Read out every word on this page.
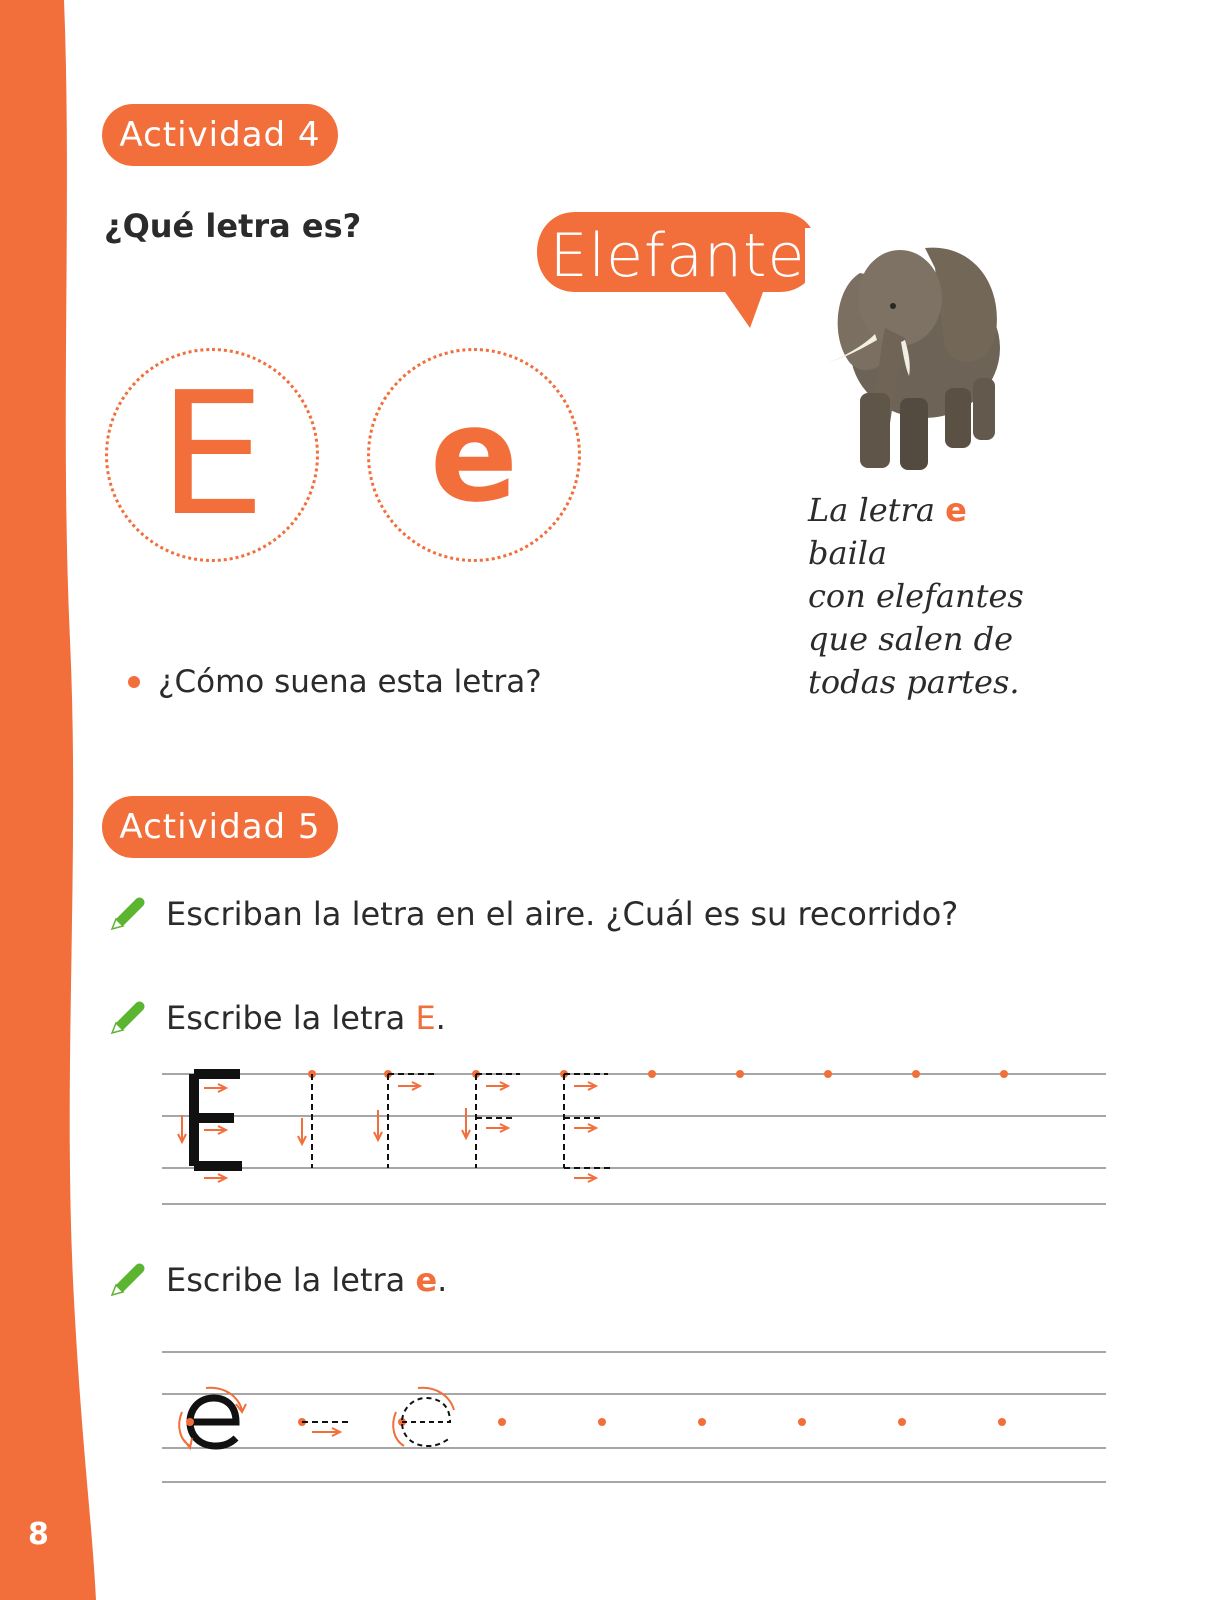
8
Actividad 4
¿Qué letra es?	Elefante
E e	La letra e
baila
con elefantes
que salen de
todas partes.
¿Cómo suena esta letra?
Actividad 5
Escriban la letra en el aire. ¿Cuál es su recorrido?
Escribe la letra E.
Escribe la letra e.
